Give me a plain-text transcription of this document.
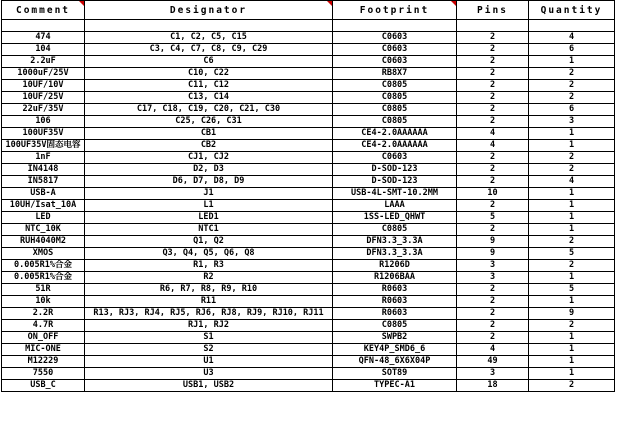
Comment	Designator	Footprint	Pins	Quantity

474	C1, C2, C5, C15	C0603	2	4
104	C3, C4, C7, C8, C9, C29	C0603	2	6
2.2uF	C6	C0603	2	1
1000uF/25V	C10, C22	RB8X7	2	2
10UF/10V	C11, C12	C0805	2	2
10UF/25V	C13, C14	C0805	2	2
22uF/35V	C17, C18, C19, C20, C21, C30	C0805	2	6
106	C25, C26, C31	C0805	2	3
100UF35V	CB1	CE4-2.0AAAAAA	4	1
100UF35V固态电容	CB2	CE4-2.0AAAAAA	4	1
1nF	CJ1, CJ2	C0603	2	2
IN4148	D2, D3	D-SOD-123	2	2
IN5817	D6, D7, D8, D9	D-SOD-123	2	4
USB-A	J1	USB-4L-SMT-10.2MM	10	1
10UH/Isat_10A	L1	LAAA	2	1
LED	LED1	1SS-LED_QHWT	5	1
NTC_10K	NTC1	C0805	2	1
RUH4040M2	Q1, Q2	DFN3.3_3.3A	9	2
XMOS	Q3, Q4, Q5, Q6, Q8	DFN3.3_3.3A	9	5
0.005R1%合金	R1, R3	R1206D	3	2
0.005R1%合金	R2	R1206BAA	3	1
51R	R6, R7, R8, R9, R10	R0603	2	5
10k	R11	R0603	2	1
2.2R	R13, RJ3, RJ4, RJ5, RJ6, RJ8, RJ9, RJ10, RJ11	R0603	2	9
4.7R	RJ1, RJ2	C0805	2	2
ON_OFF	S1	SWPB2	2	1
MIC-ONE	S2	KEY4P_SMD6_6	4	1
M12229	U1	QFN-48_6X6X04P	49	1
7550	U3	SOT89	3	1
USB_C	USB1, USB2	TYPEC-A1	18	2
